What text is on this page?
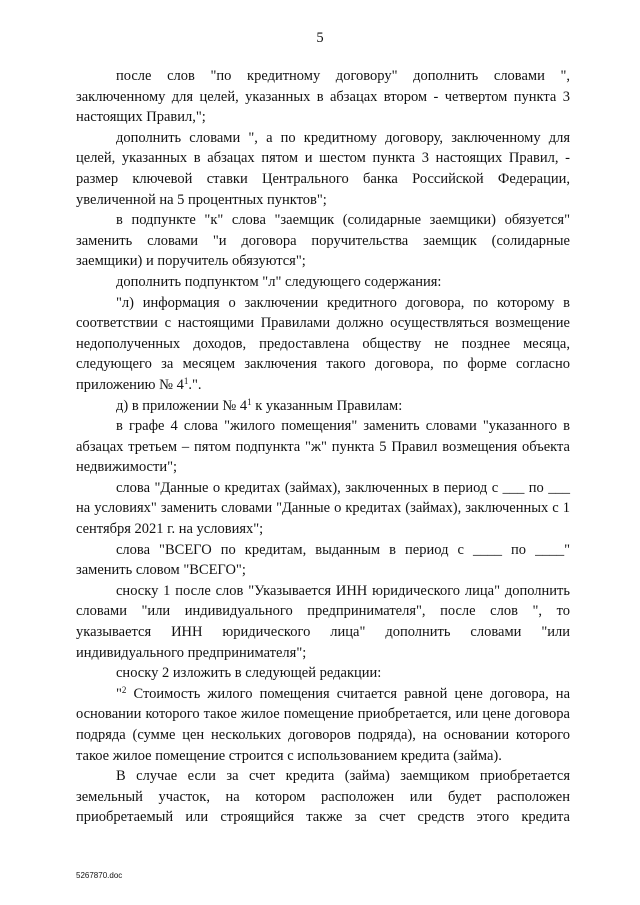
5

после слов "по кредитному договору" дополнить словами ", заключенному для целей, указанных в абзацах втором - четвертом пункта 3 настоящих Правил,";

дополнить словами ", а по кредитному договору, заключенному для целей, указанных в абзацах пятом и шестом пункта 3 настоящих Правил, - размер ключевой ставки Центрального банка Российской Федерации, увеличенной на 5 процентных пунктов";

в подпункте "к" слова "заемщик (солидарные заемщики) обязуется" заменить словами "и договора поручительства заемщик (солидарные заемщики) и поручитель обязуются";

дополнить подпунктом "л" следующего содержания:

"л) информация о заключении кредитного договора, по которому в соответствии с настоящими Правилами должно осуществляться возмещение недополученных доходов, предоставлена обществу не позднее месяца, следующего за месяцем заключения такого договора, по форме согласно приложению № $4^1$.".

д) в приложении № $4^1$ к указанным Правилам:

в графе 4 слова "жилого помещения" заменить словами "указанного в абзацах третьем – пятом подпункта "ж" пункта 5 Правил возмещения объекта недвижимости";

слова "Данные о кредитах (займах), заключенных в период с ___ по ___ на условиях" заменить словами "Данные о кредитах (займах), заключенных с 1 сентября 2021 г. на условиях";

слова "ВСЕГО по кредитам, выданным в период с ____ по ____" заменить словом "ВСЕГО";

сноску 1 после слов "Указывается ИНН юридического лица" дополнить словами "или индивидуального предпринимателя", после слов ", то указывается ИНН юридического лица" дополнить словами "или индивидуального предпринимателя";

сноску 2 изложить в следующей редакции:

"$^2$ Стоимость жилого помещения считается равной цене договора, на основании которого такое жилое помещение приобретается, или цене договора подряда (сумме цен нескольких договоров подряда), на основании которого такое жилое помещение строится с использованием кредита (займа).

В случае если за счет кредита (займа) заемщиком приобретается земельный участок, на котором расположен или будет расположен приобретаемый или строящийся также за счет средств этого кредита

5267870.doc
